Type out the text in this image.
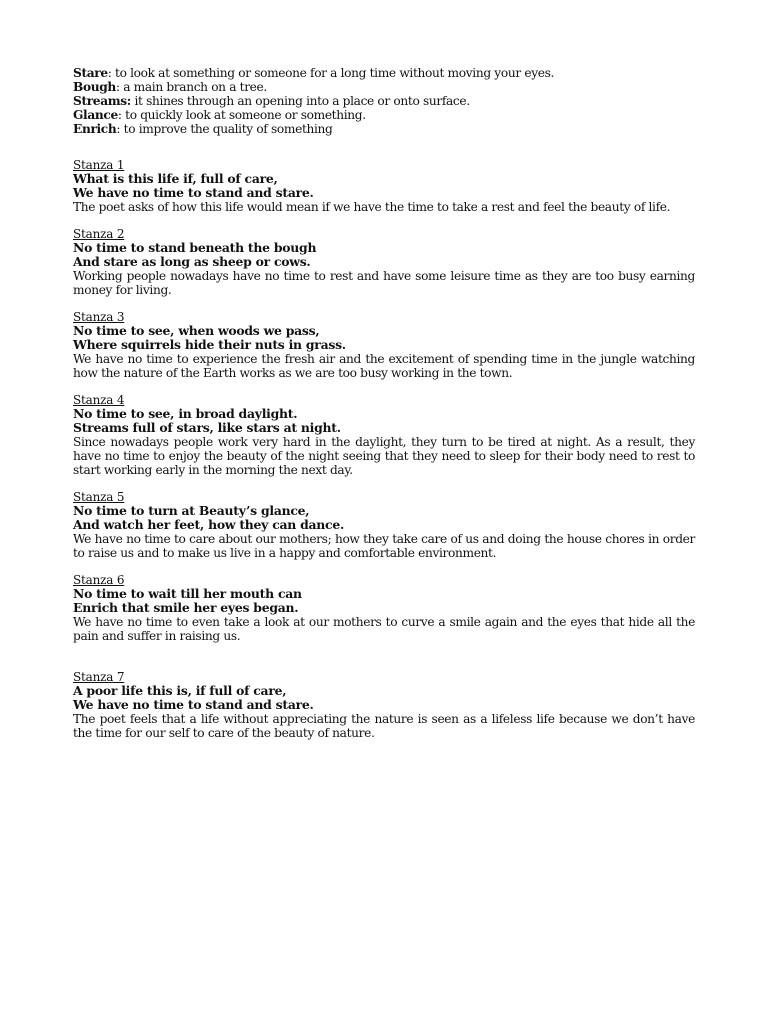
Stare: to look at something or someone for a long time without moving your eyes.
Bough: a main branch on a tree.
Streams: it shines through an opening into a place or onto surface.
Glance: to quickly look at someone or something.
Enrich: to improve the quality of something
Stanza 1
What is this life if, full of care,
We have no time to stand and stare.
The poet asks of how this life would mean if we have the time to take a rest and feel the beauty of life.
Stanza 2
No time to stand beneath the bough
And stare as long as sheep or cows.
Working people nowadays have no time to rest and have some leisure time as they are too busy earning money for living.
Stanza 3
No time to see, when woods we pass,
Where squirrels hide their nuts in grass.
We have no time to experience the fresh air and the excitement of spending time in the jungle watching how the nature of the Earth works as we are too busy working in the town.
Stanza 4
No time to see, in broad daylight.
Streams full of stars, like stars at night.
Since nowadays people work very hard in the daylight, they turn to be tired at night. As a result, they have no time to enjoy the beauty of the night seeing that they need to sleep for their body need to rest to start working early in the morning the next day.
Stanza 5
No time to turn at Beauty’s glance,
And watch her feet, how they can dance.
We have no time to care about our mothers; how they take care of us and doing the house chores in order to raise us and to make us live in a happy and comfortable environment.
Stanza 6
No time to wait till her mouth can
Enrich that smile her eyes began.
We have no time to even take a look at our mothers to curve a smile again and the eyes that hide all the pain and suffer in raising us.
Stanza 7
A poor life this is, if full of care,
We have no time to stand and stare.
The poet feels that a life without appreciating the nature is seen as a lifeless life because we don’t have the time for our self to care of the beauty of nature.
